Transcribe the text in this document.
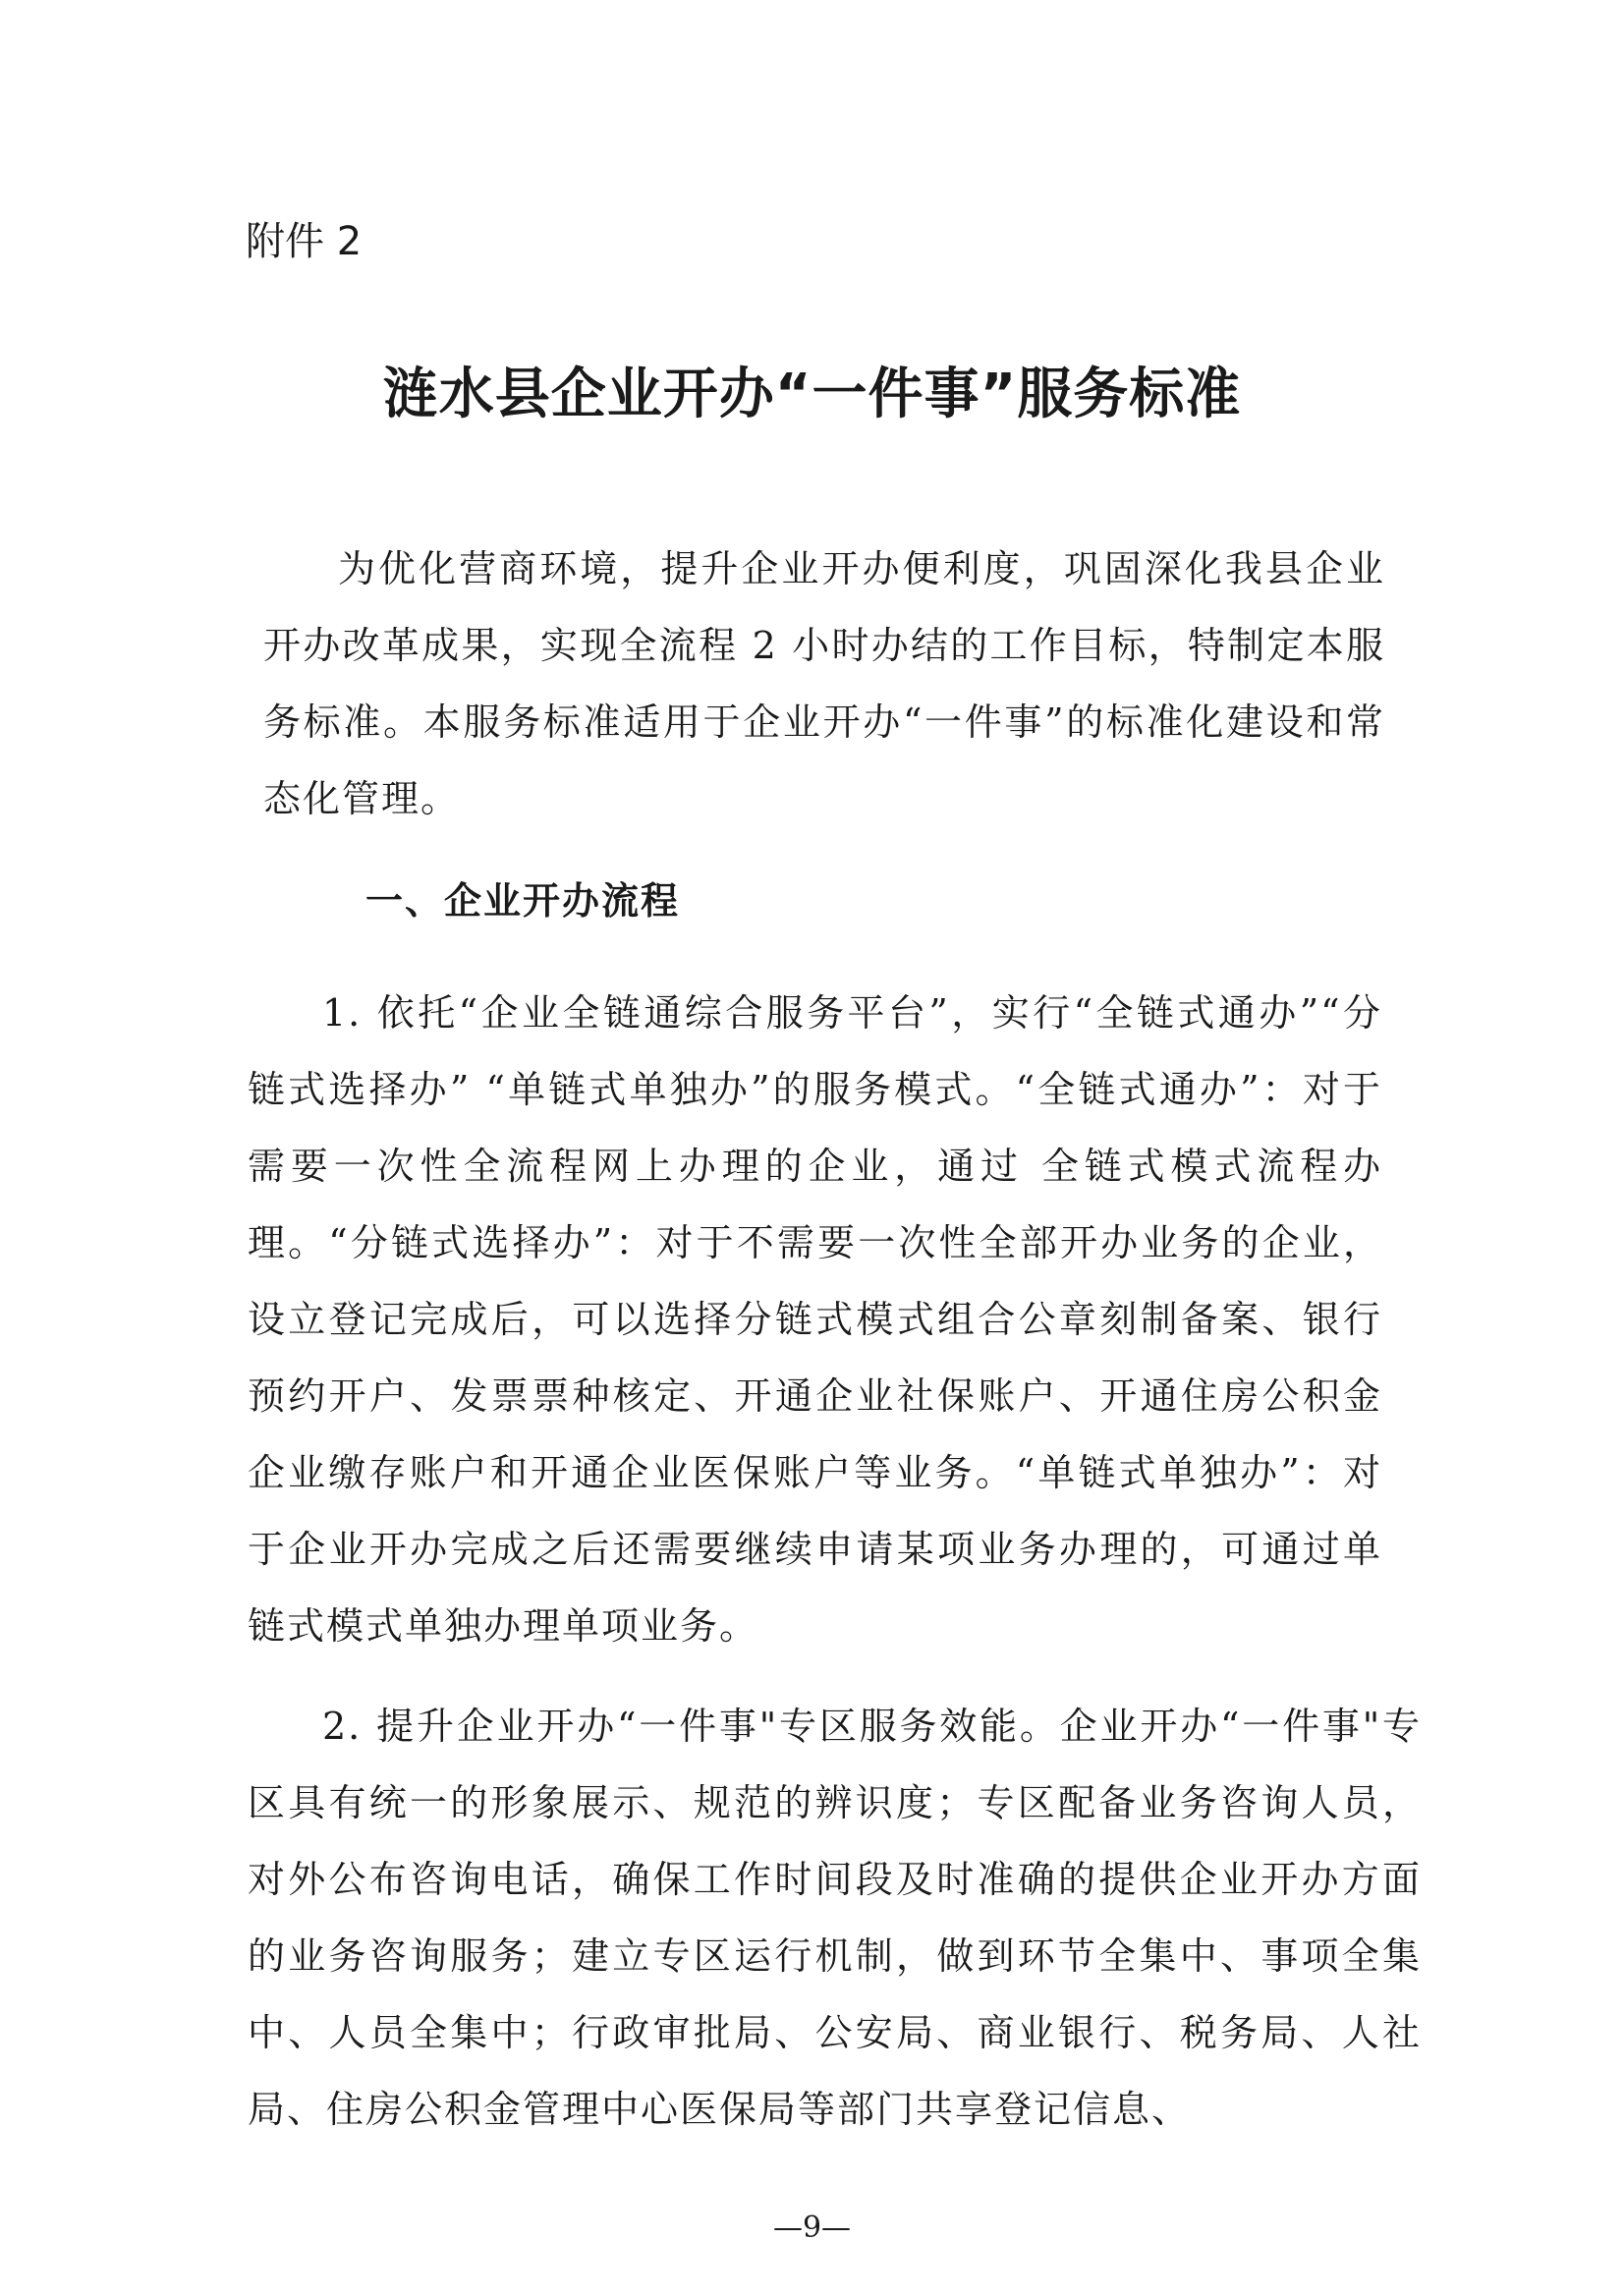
附件 2

涟水县企业开办“一件事”服务标准

为优化营商环境，提升企业开办便利度，巩固深化我县企业开办改革成果，实现全流程 2 小时办结的工作目标，特制定本服务标准。本服务标准适用于企业开办“一件事”的标准化建设和常态化管理。

一、企业开办流程

1. 依托“企业全链通综合服务平台”，实行“全链式通办”“分链式选择办” “单链式单独办”的服务模式。“全链式通办”：对于需要一次性全流程网上办理的企业，通过 全链式模式流程办理。“分链式选择办”：对于不需要一次性全部开办业务的企业，设立登记完成后，可以选择分链式模式组合公章刻制备案、银行预约开户、发票票种核定、开通企业社保账户、开通住房公积金企业缴存账户和开通企业医保账户等业务。“单链式单独办”：对于企业开办完成之后还需要继续申请某项业务办理的，可通过单链式模式单独办理单项业务。

2. 提升企业开办“一件事"专区服务效能。企业开办“一件事"专区具有统一的形象展示、规范的辨识度；专区配备业务咨询人员，对外公布咨询电话，确保工作时间段及时准确的提供企业开办方面的业务咨询服务；建立专区运行机制，做到环节全集中、事项全集中、人员全集中；行政审批局、公安局、商业银行、税务局、人社局、住房公积金管理中心医保局等部门共享登记信息、

—9—
